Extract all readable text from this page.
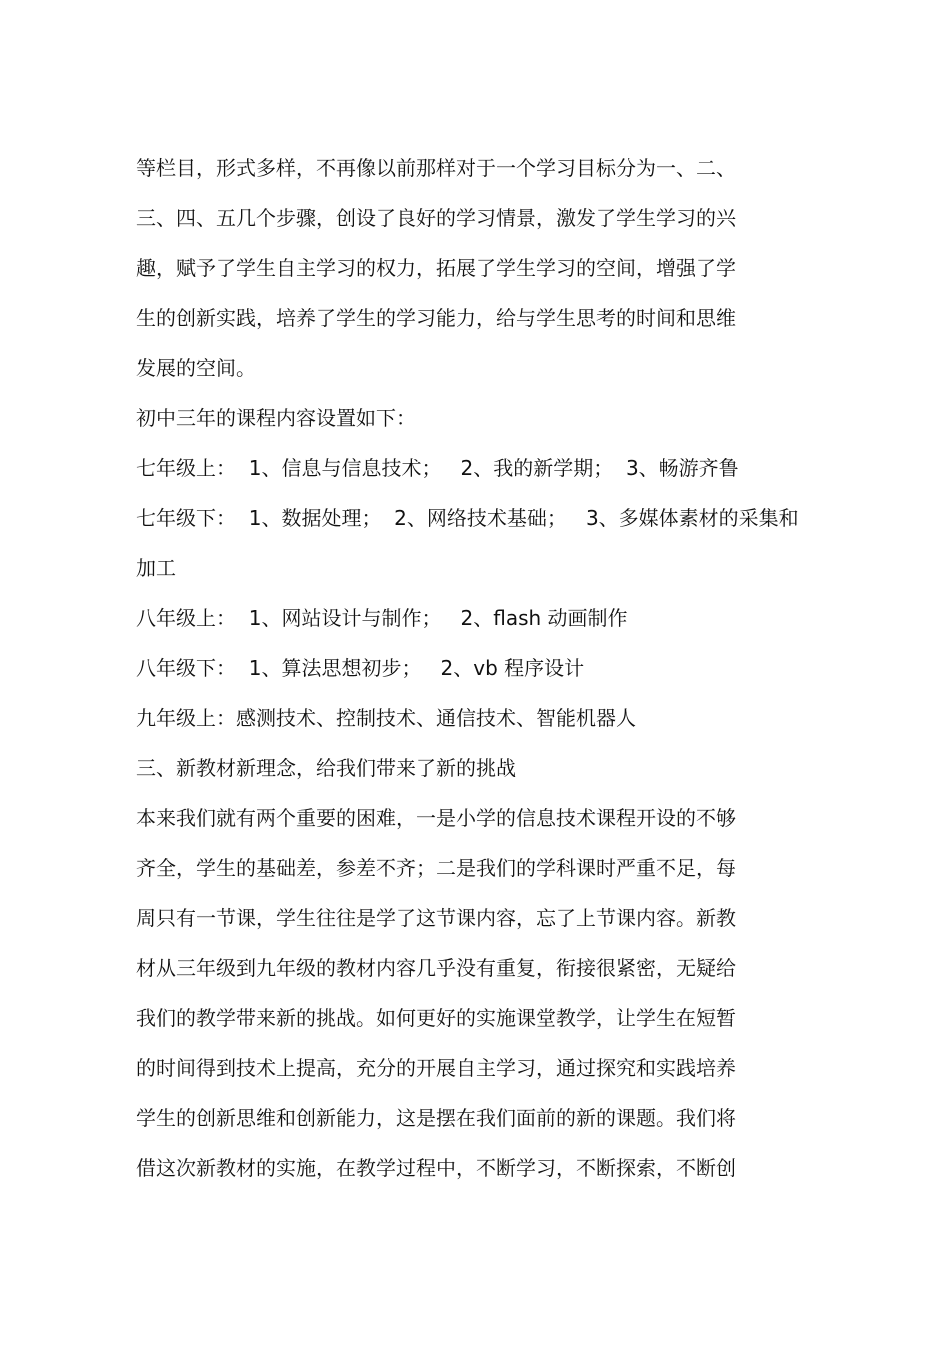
等栏目，形式多样，不再像以前那样对于一个学习目标分为一、二、
三、四、五几个步骤，创设了良好的学习情景，激发了学生学习的兴
趣，赋予了学生自主学习的权力，拓展了学生学习的空间，增强了学
生的创新实践，培养了学生的学习能力，给与学生思考的时间和思维
发展的空间。
初中三年的课程内容设置如下：
七年级上：  1、信息与信息技术；   2、我的新学期；  3、畅游齐鲁
七年级下：  1、数据处理；  2、网络技术基础；   3、多媒体素材的采集和
加工
八年级上：  1、网站设计与制作；   2、flash 动画制作
八年级下：  1、算法思想初步；   2、vb 程序设计
九年级上：感测技术、控制技术、通信技术、智能机器人
三、新教材新理念，给我们带来了新的挑战
本来我们就有两个重要的困难，一是小学的信息技术课程开设的不够
齐全，学生的基础差，参差不齐；二是我们的学科课时严重不足，每
周只有一节课，学生往往是学了这节课内容，忘了上节课内容。新教
材从三年级到九年级的教材内容几乎没有重复，衔接很紧密，无疑给
我们的教学带来新的挑战。如何更好的实施课堂教学，让学生在短暂
的时间得到技术上提高，充分的开展自主学习，通过探究和实践培养
学生的创新思维和创新能力，这是摆在我们面前的新的课题。我们将
借这次新教材的实施，在教学过程中，不断学习，不断探索，不断创
